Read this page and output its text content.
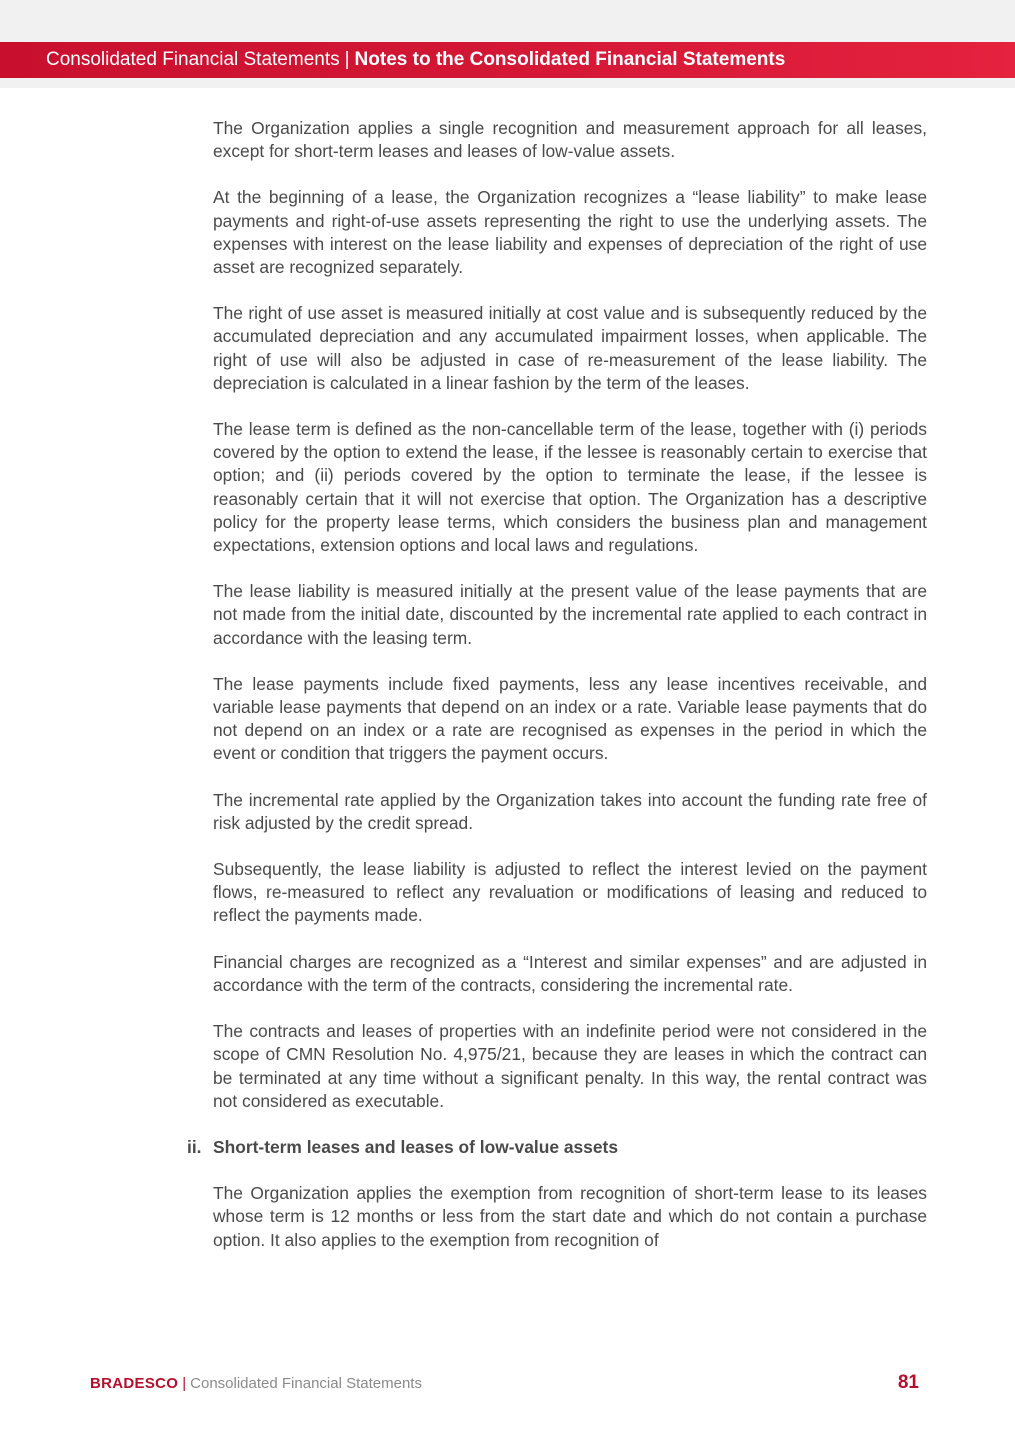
Consolidated Financial Statements | Notes to the Consolidated Financial Statements

The Organization applies a single recognition and measurement approach for all leases, except for short-term leases and leases of low-value assets.

At the beginning of a lease, the Organization recognizes a “lease liability” to make lease payments and right-of-use assets representing the right to use the underlying assets. The expenses with interest on the lease liability and expenses of depreciation of the right of use asset are recognized separately.

The right of use asset is measured initially at cost value and is subsequently reduced by the accumulated depreciation and any accumulated impairment losses, when applicable. The right of use will also be adjusted in case of re-measurement of the lease liability. The depreciation is calculated in a linear fashion by the term of the leases.

The lease term is defined as the non-cancellable term of the lease, together with (i) periods covered by the option to extend the lease, if the lessee is reasonably certain to exercise that option; and (ii) periods covered by the option to terminate the lease, if the lessee is reasonably certain that it will not exercise that option. The Organization has a descriptive policy for the property lease terms, which considers the business plan and management expectations, extension options and local laws and regulations.

The lease liability is measured initially at the present value of the lease payments that are not made from the initial date, discounted by the incremental rate applied to each contract in accordance with the leasing term.

The lease payments include fixed payments, less any lease incentives receivable, and variable lease payments that depend on an index or a rate. Variable lease payments that do not depend on an index or a rate are recognised as expenses in the period in which the event or condition that triggers the payment occurs.

The incremental rate applied by the Organization takes into account the funding rate free of risk adjusted by the credit spread.

Subsequently, the lease liability is adjusted to reflect the interest levied on the payment flows, re-measured to reflect any revaluation or modifications of leasing and reduced to reflect the payments made.

Financial charges are recognized as a “Interest and similar expenses” and are adjusted in accordance with the term of the contracts, considering the incremental rate.

The contracts and leases of properties with an indefinite period were not considered in the scope of CMN Resolution No. 4,975/21, because they are leases in which the contract can be terminated at any time without a significant penalty. In this way, the rental contract was not considered as executable.

ii. Short-term leases and leases of low-value assets

The Organization applies the exemption from recognition of short-term lease to its leases whose term is 12 months or less from the start date and which do not contain a purchase option. It also applies to the exemption from recognition of

BRADESCO | Consolidated Financial Statements	81
